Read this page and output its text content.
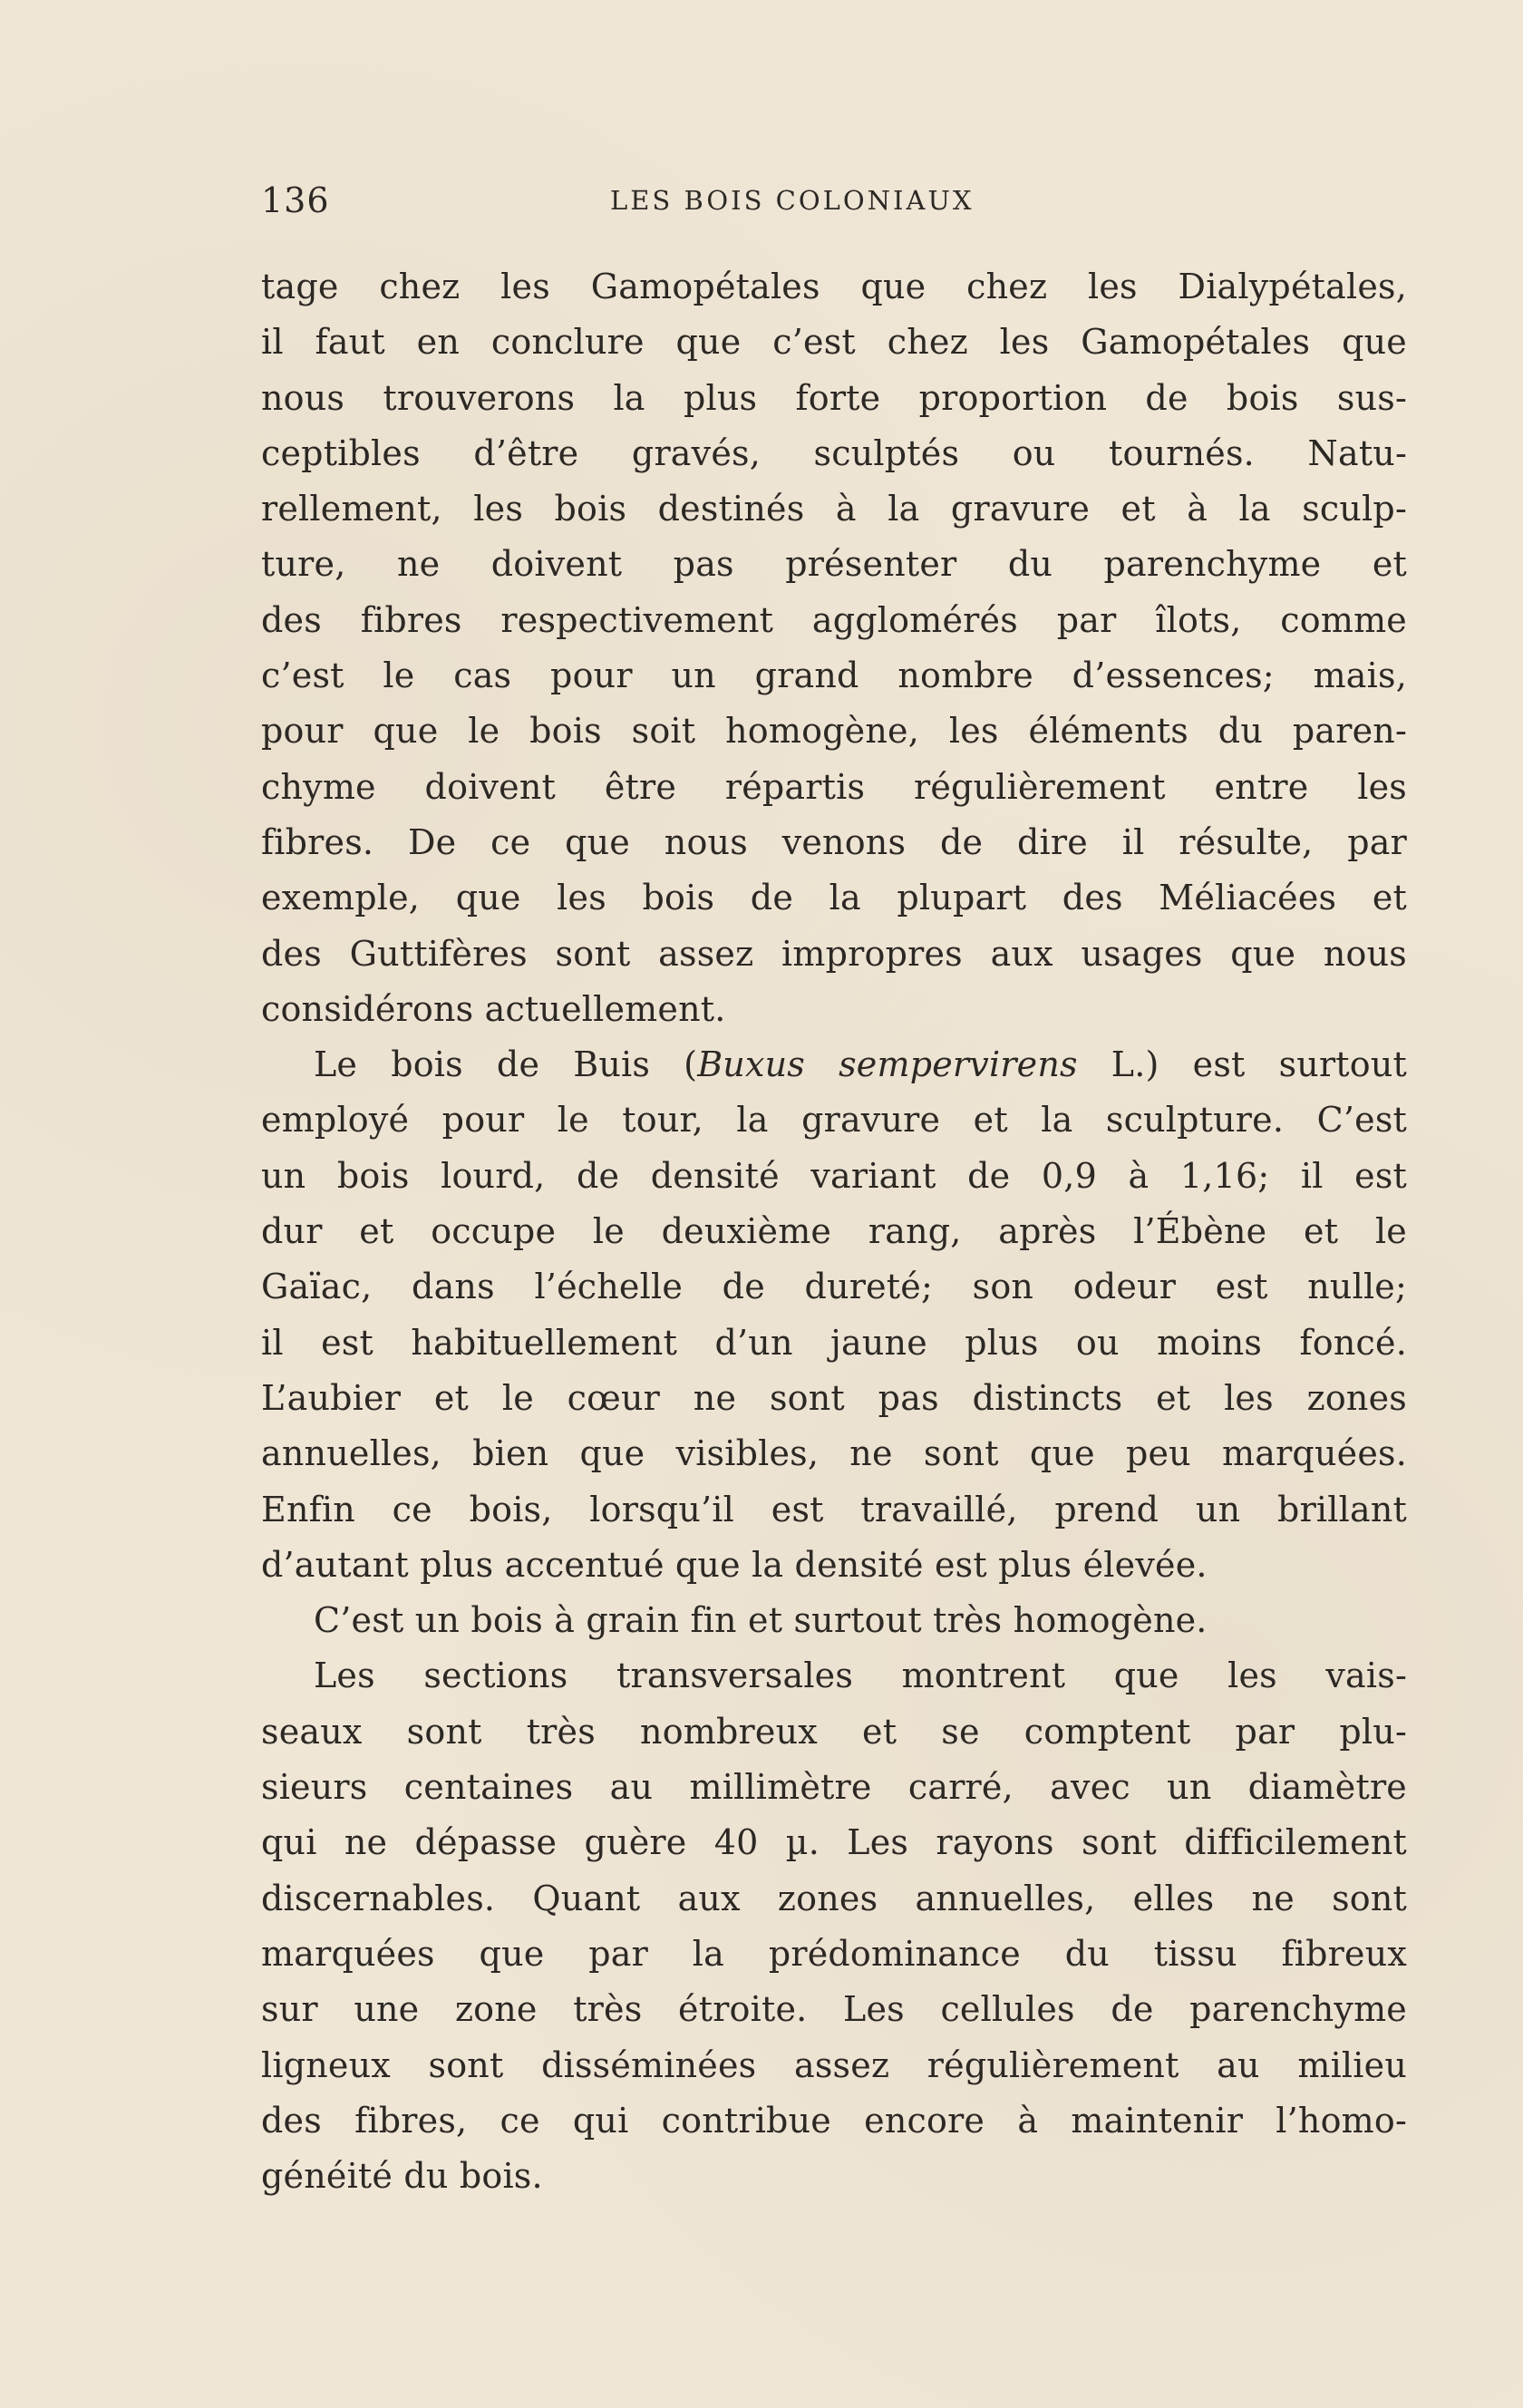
136	LES BOIS COLONIAUX
tage chez les Gamopétales que chez les Dialypétales,
il faut en conclure que c’est chez les Gamopétales que
nous trouverons la plus forte proportion de bois sus-
ceptibles d’être gravés, sculptés ou tournés. Natu-
rellement, les bois destinés à la gravure et à la sculp-
ture, ne doivent pas présenter du parenchyme et
des fibres respectivement agglomérés par îlots, comme
c’est le cas pour un grand nombre d’essences; mais,
pour que le bois soit homogène, les éléments du paren-
chyme doivent être répartis régulièrement entre les
fibres. De ce que nous venons de dire il résulte, par
exemple, que les bois de la plupart des Méliacées et
des Guttifères sont assez impropres aux usages que nous
considérons actuellement.
Le bois de Buis (Buxus sempervirens L.) est surtout
employé pour le tour, la gravure et la sculpture. C’est
un bois lourd, de densité variant de 0,9 à 1,16; il est
dur et occupe le deuxième rang, après l’Ébène et le
Gaïac, dans l’échelle de dureté; son odeur est nulle;
il est habituellement d’un jaune plus ou moins foncé.
L’aubier et le cœur ne sont pas distincts et les zones
annuelles, bien que visibles, ne sont que peu marquées.
Enfin ce bois, lorsqu’il est travaillé, prend un brillant
d’autant plus accentué que la densité est plus élevée.
C’est un bois à grain fin et surtout très homogène.
Les sections transversales montrent que les vais-
seaux sont très nombreux et se comptent par plu-
sieurs centaines au millimètre carré, avec un diamètre
qui ne dépasse guère 40 µ. Les rayons sont difficilement
discernables. Quant aux zones annuelles, elles ne sont
marquées que par la prédominance du tissu fibreux
sur une zone très étroite. Les cellules de parenchyme
ligneux sont disséminées assez régulièrement au milieu
des fibres, ce qui contribue encore à maintenir l’homo-
généité du bois.
